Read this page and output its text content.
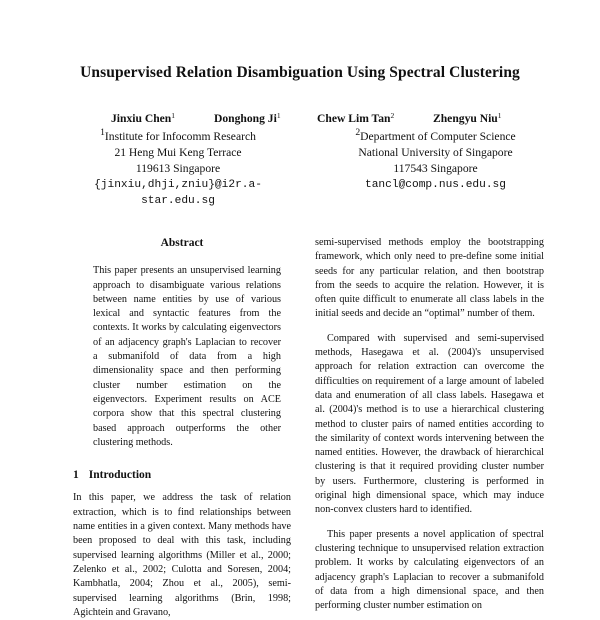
Unsupervised Relation Disambiguation Using Spectral Clustering
Jinxiu Chen$^1$	Donghong Ji$^1$	Chew Lim Tan$^2$	Zhengyu Niu$^1$
$^1$Institute for Infocomm Research
21 Heng Mui Keng Terrace
119613 Singapore
{jinxiu,dhji,zniu}@i2r.a-star.edu.sg
$^2$Department of Computer Science
National University of Singapore
117543 Singapore
tancl@comp.nus.edu.sg
Abstract

This paper presents an unsupervised learning approach to disambiguate various relations between name entities by use of various lexical and syntactic features from the contexts. It works by calculating eigenvectors of an adjacency graph's Laplacian to recover a submanifold of data from a high dimensionality space and then performing cluster number estimation on the eigenvectors. Experiment results on ACE corpora show that this spectral clustering based approach outperforms the other clustering methods.

1 Introduction

In this paper, we address the task of relation extraction, which is to find relationships between name entities in a given context. Many methods have been proposed to deal with this task, including supervised learning algorithms (Miller et al., 2000; Zelenko et al., 2002; Culotta and Soresen, 2004; Kambhatla, 2004; Zhou et al., 2005), semi-supervised learning algorithms (Brin, 1998; Agichtein and Gravano,

semi-supervised methods employ the bootstrapping framework, which only need to pre-define some initial seeds for any particular relation, and then bootstrap from the seeds to acquire the relation. However, it is often quite difficult to enumerate all class labels in the initial seeds and decide an “optimal” number of them.

Compared with supervised and semi-supervised methods, Hasegawa et al. (2004)'s unsupervised approach for relation extraction can overcome the difficulties on requirement of a large amount of labeled data and enumeration of all class labels. Hasegawa et al. (2004)'s method is to use a hierarchical clustering method to cluster pairs of named entities according to the similarity of context words intervening between the named entities. However, the drawback of hierarchical clustering is that it required providing cluster number by users. Furthermore, clustering is performed in original high dimensional space, which may induce non-convex clusters hard to identified.

This paper presents a novel application of spectral clustering technique to unsupervised relation extraction problem. It works by calculating eigenvectors of an adjacency graph's Laplacian to recover a submanifold of data from a high dimensional space, and then performing cluster number estimation on
